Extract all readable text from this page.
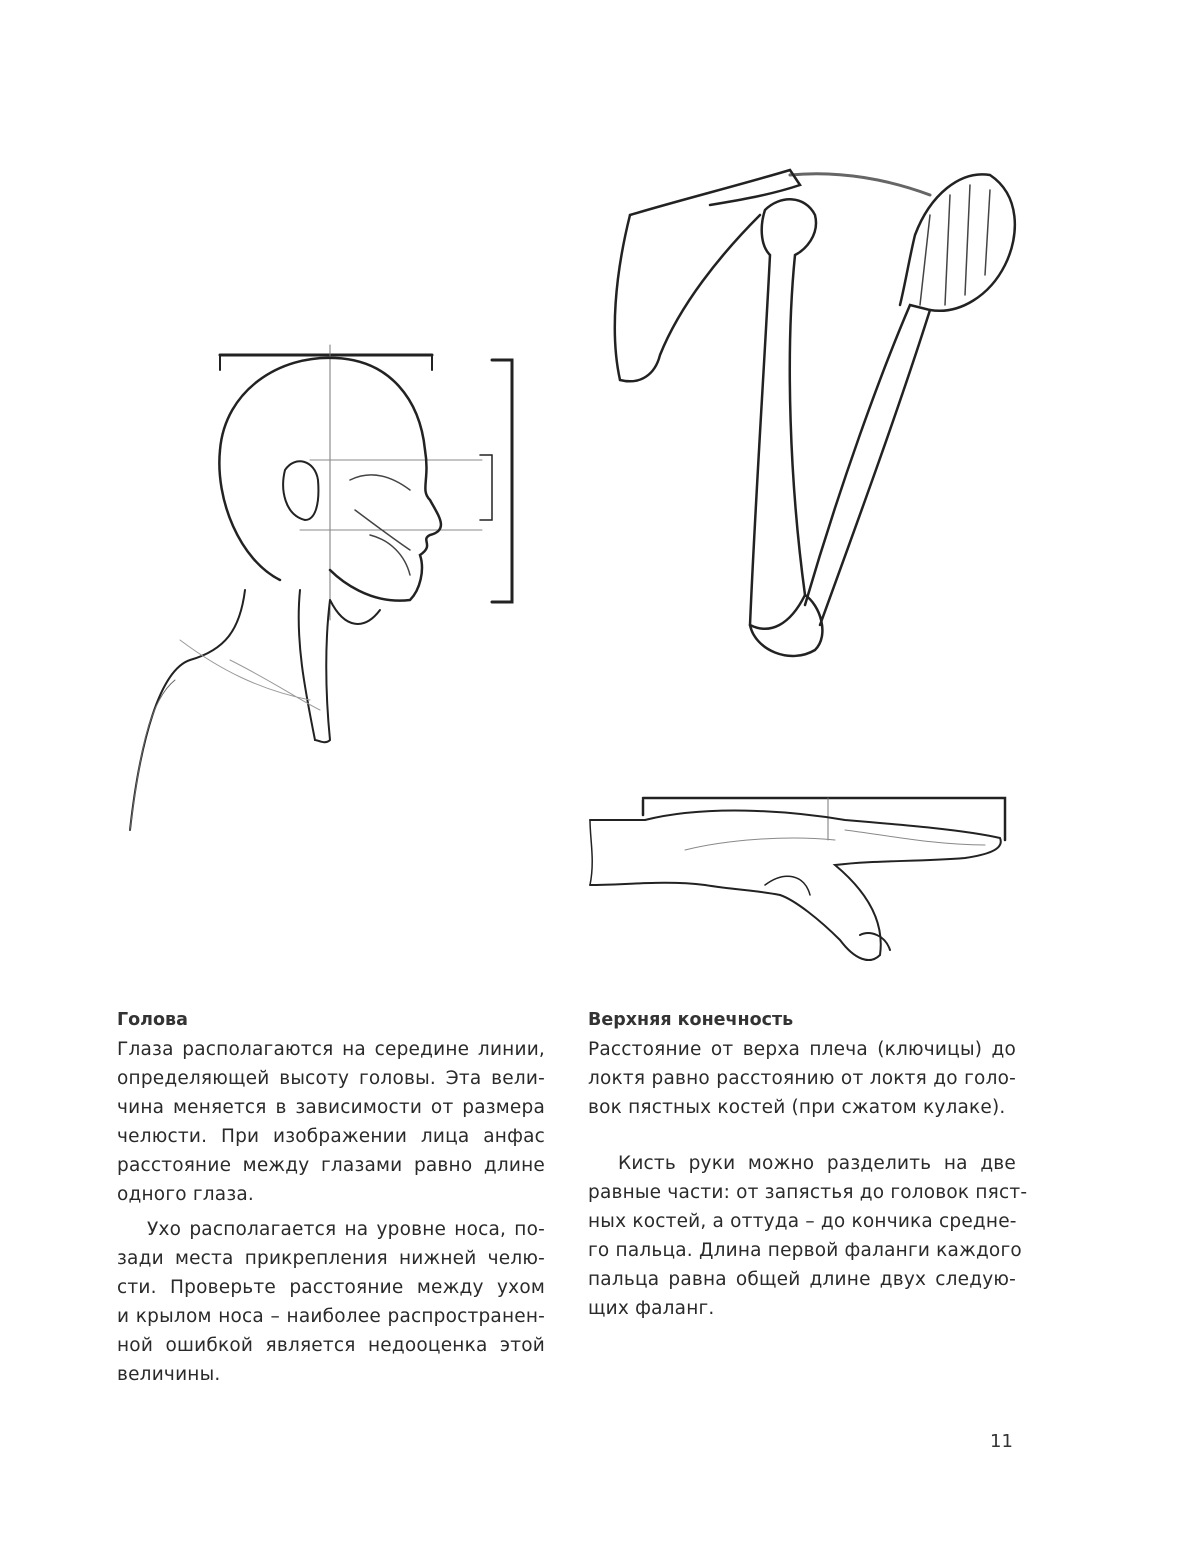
Голова
Глаза располагаются на середине линии,
определяющей высоту головы. Эта вели-
чина меняется в зависимости от размера
челюсти. При изображении лица анфас
расстояние между глазами равно длине
одного глаза.
Ухо располагается на уровне носа, по-
зади места прикрепления нижней челю-
сти. Проверьте расстояние между ухом
и крылом носа – наиболее распространен-
ной ошибкой является недооценка этой
величины.
Верхняя конечность
Расстояние от верха плеча (ключицы) до
локтя равно расстоянию от локтя до голо-
вок пястных костей (при сжатом кулаке).
Кисть руки можно разделить на две
равные части: от запястья до головок пяст-
ных костей, а оттуда – до кончика средне-
го пальца. Длина первой фаланги каждого
пальца равна общей длине двух следую-
щих фаланг.
11
